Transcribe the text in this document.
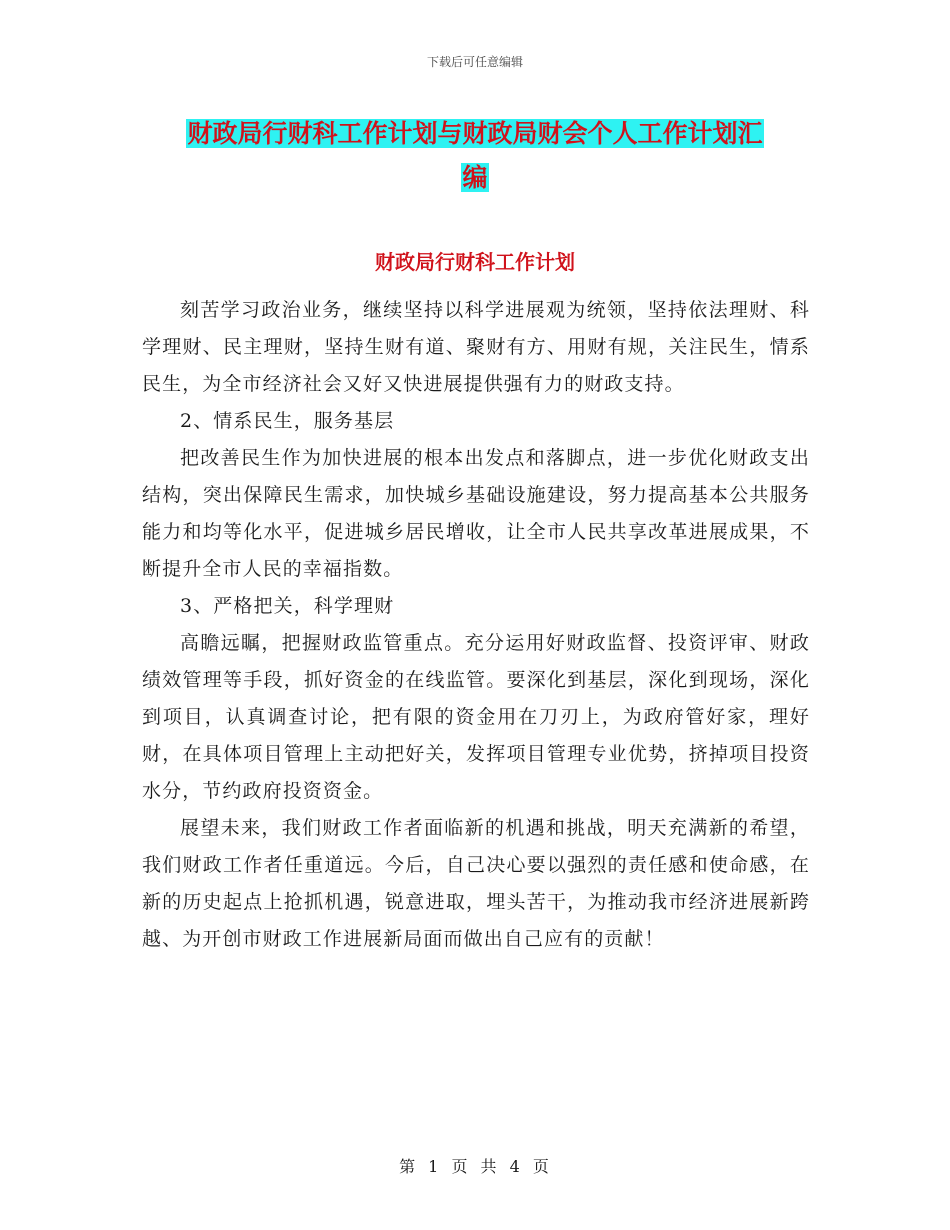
下载后可任意编辑
财政局行财科工作计划与财政局财会个人工作计划汇
编
财政局行财科工作计划

刻苦学习政治业务，继续坚持以科学进展观为统领，坚持依法理财、科学理财、民主理财，坚持生财有道、聚财有方、用财有规，关注民生，情系民生，为全市经济社会又好又快进展提供强有力的财政支持。

2、情系民生，服务基层

把改善民生作为加快进展的根本出发点和落脚点，进一步优化财政支出结构，突出保障民生需求，加快城乡基础设施建设，努力提高基本公共服务能力和均等化水平，促进城乡居民增收，让全市人民共享改革进展成果，不断提升全市人民的幸福指数。

3、严格把关，科学理财

高瞻远瞩，把握财政监管重点。充分运用好财政监督、投资评审、财政绩效管理等手段，抓好资金的在线监管。要深化到基层，深化到现场，深化到项目，认真调查讨论，把有限的资金用在刀刃上，为政府管好家，理好财，在具体项目管理上主动把好关，发挥项目管理专业优势，挤掉项目投资水分，节约政府投资资金。

展望未来，我们财政工作者面临新的机遇和挑战，明天充满新的希望，我们财政工作者任重道远。今后，自己决心要以强烈的责任感和使命感，在新的历史起点上抢抓机遇，锐意进取，埋头苦干，为推动我市经济进展新跨越、为开创市财政工作进展新局面而做出自己应有的贡献！

第 1 页 共 4 页
